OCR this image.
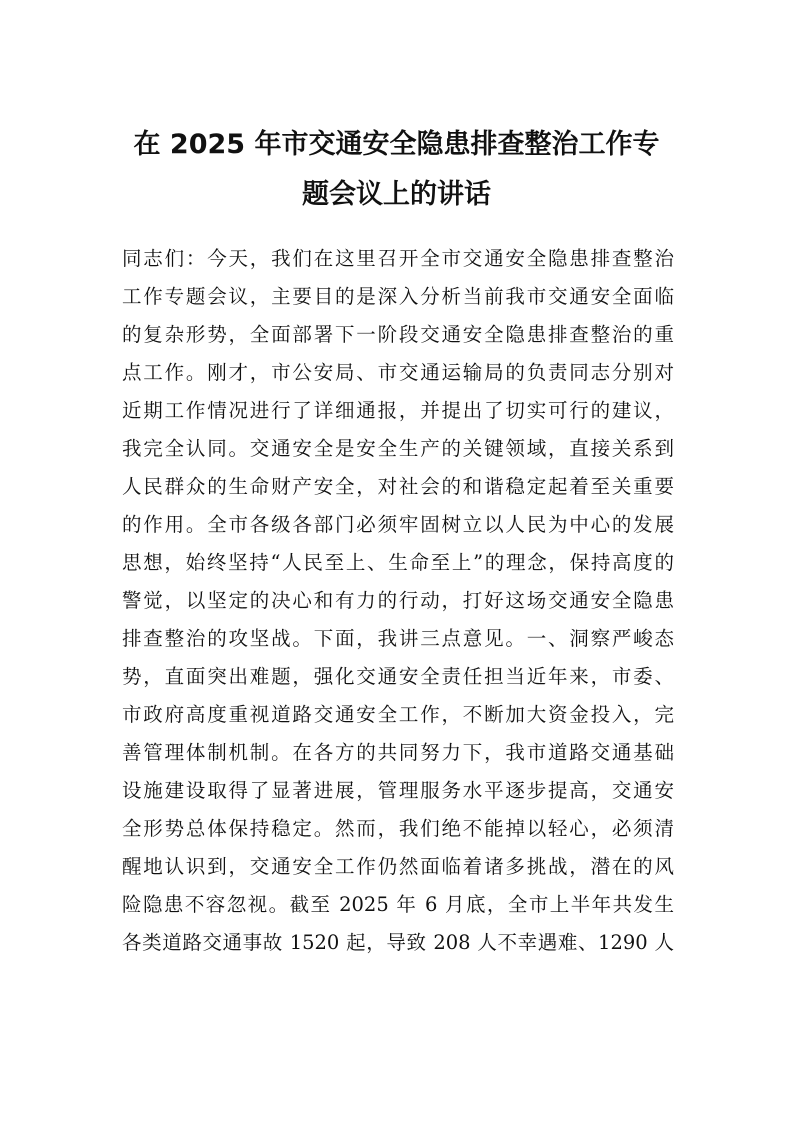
在 2025 年市交通安全隐患排查整治工作专
题会议上的讲话
同志们：今天，我们在这里召开全市交通安全隐患排查整治
工作专题会议，主要目的是深入分析当前我市交通安全面临
的复杂形势，全面部署下一阶段交通安全隐患排查整治的重
点工作。刚才，市公安局、市交通运输局的负责同志分别对
近期工作情况进行了详细通报，并提出了切实可行的建议，
我完全认同。交通安全是安全生产的关键领域，直接关系到
人民群众的生命财产安全，对社会的和谐稳定起着至关重要
的作用。全市各级各部门必须牢固树立以人民为中心的发展
思想，始终坚持“人民至上、生命至上”的理念，保持高度的
警觉，以坚定的决心和有力的行动，打好这场交通安全隐患
排查整治的攻坚战。下面，我讲三点意见。一、洞察严峻态
势，直面突出难题，强化交通安全责任担当近年来，市委、
市政府高度重视道路交通安全工作，不断加大资金投入，完
善管理体制机制。在各方的共同努力下，我市道路交通基础
设施建设取得了显著进展，管理服务水平逐步提高，交通安
全形势总体保持稳定。然而，我们绝不能掉以轻心，必须清
醒地认识到，交通安全工作仍然面临着诸多挑战，潜在的风
险隐患不容忽视。截至 2025 年 6 月底，全市上半年共发生
各类道路交通事故 1520 起，导致 208 人不幸遇难、1290 人
